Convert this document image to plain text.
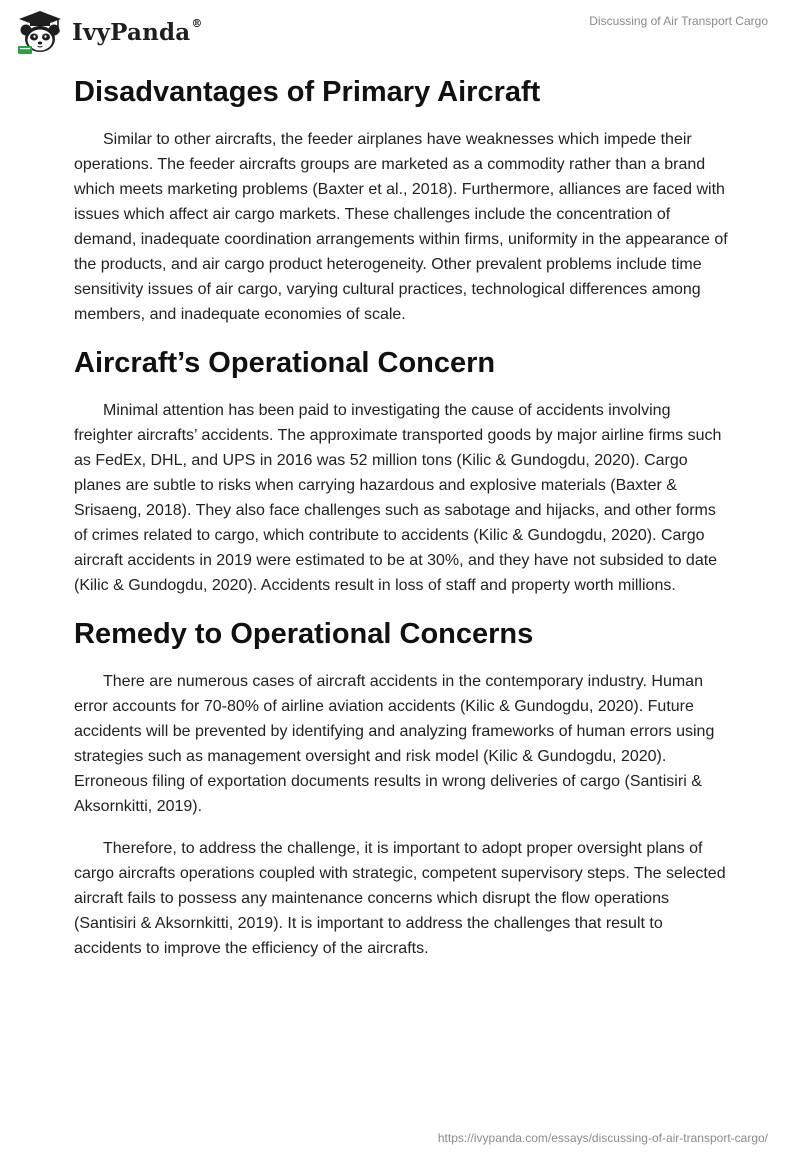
IvyPanda®	Discussing of Air Transport Cargo
Disadvantages of Primary Aircraft

Similar to other aircrafts, the feeder airplanes have weaknesses which impede their operations. The feeder aircrafts groups are marketed as a commodity rather than a brand which meets marketing problems (Baxter et al., 2018). Furthermore, alliances are faced with issues which affect air cargo markets. These challenges include the concentration of demand, inadequate coordination arrangements within firms, uniformity in the appearance of the products, and air cargo product heterogeneity. Other prevalent problems include time sensitivity issues of air cargo, varying cultural practices, technological differences among members, and inadequate economies of scale.

Aircraft’s Operational Concern

Minimal attention has been paid to investigating the cause of accidents involving freighter aircrafts’ accidents. The approximate transported goods by major airline firms such as FedEx, DHL, and UPS in 2016 was 52 million tons (Kilic & Gundogdu, 2020). Cargo planes are subtle to risks when carrying hazardous and explosive materials (Baxter & Srisaeng, 2018). They also face challenges such as sabotage and hijacks, and other forms of crimes related to cargo, which contribute to accidents (Kilic & Gundogdu, 2020). Cargo aircraft accidents in 2019 were estimated to be at 30%, and they have not subsided to date (Kilic & Gundogdu, 2020). Accidents result in loss of staff and property worth millions.

Remedy to Operational Concerns

There are numerous cases of aircraft accidents in the contemporary industry. Human error accounts for 70-80% of airline aviation accidents (Kilic & Gundogdu, 2020). Future accidents will be prevented by identifying and analyzing frameworks of human errors using strategies such as management oversight and risk model (Kilic & Gundogdu, 2020). Erroneous filing of exportation documents results in wrong deliveries of cargo (Santisiri & Aksornkitti, 2019).

Therefore, to address the challenge, it is important to adopt proper oversight plans of cargo aircrafts operations coupled with strategic, competent supervisory steps. The selected aircraft fails to possess any maintenance concerns which disrupt the flow operations (Santisiri & Aksornkitti, 2019). It is important to address the challenges that result to accidents to improve the efficiency of the aircrafts.

https://ivypanda.com/essays/discussing-of-air-transport-cargo/
